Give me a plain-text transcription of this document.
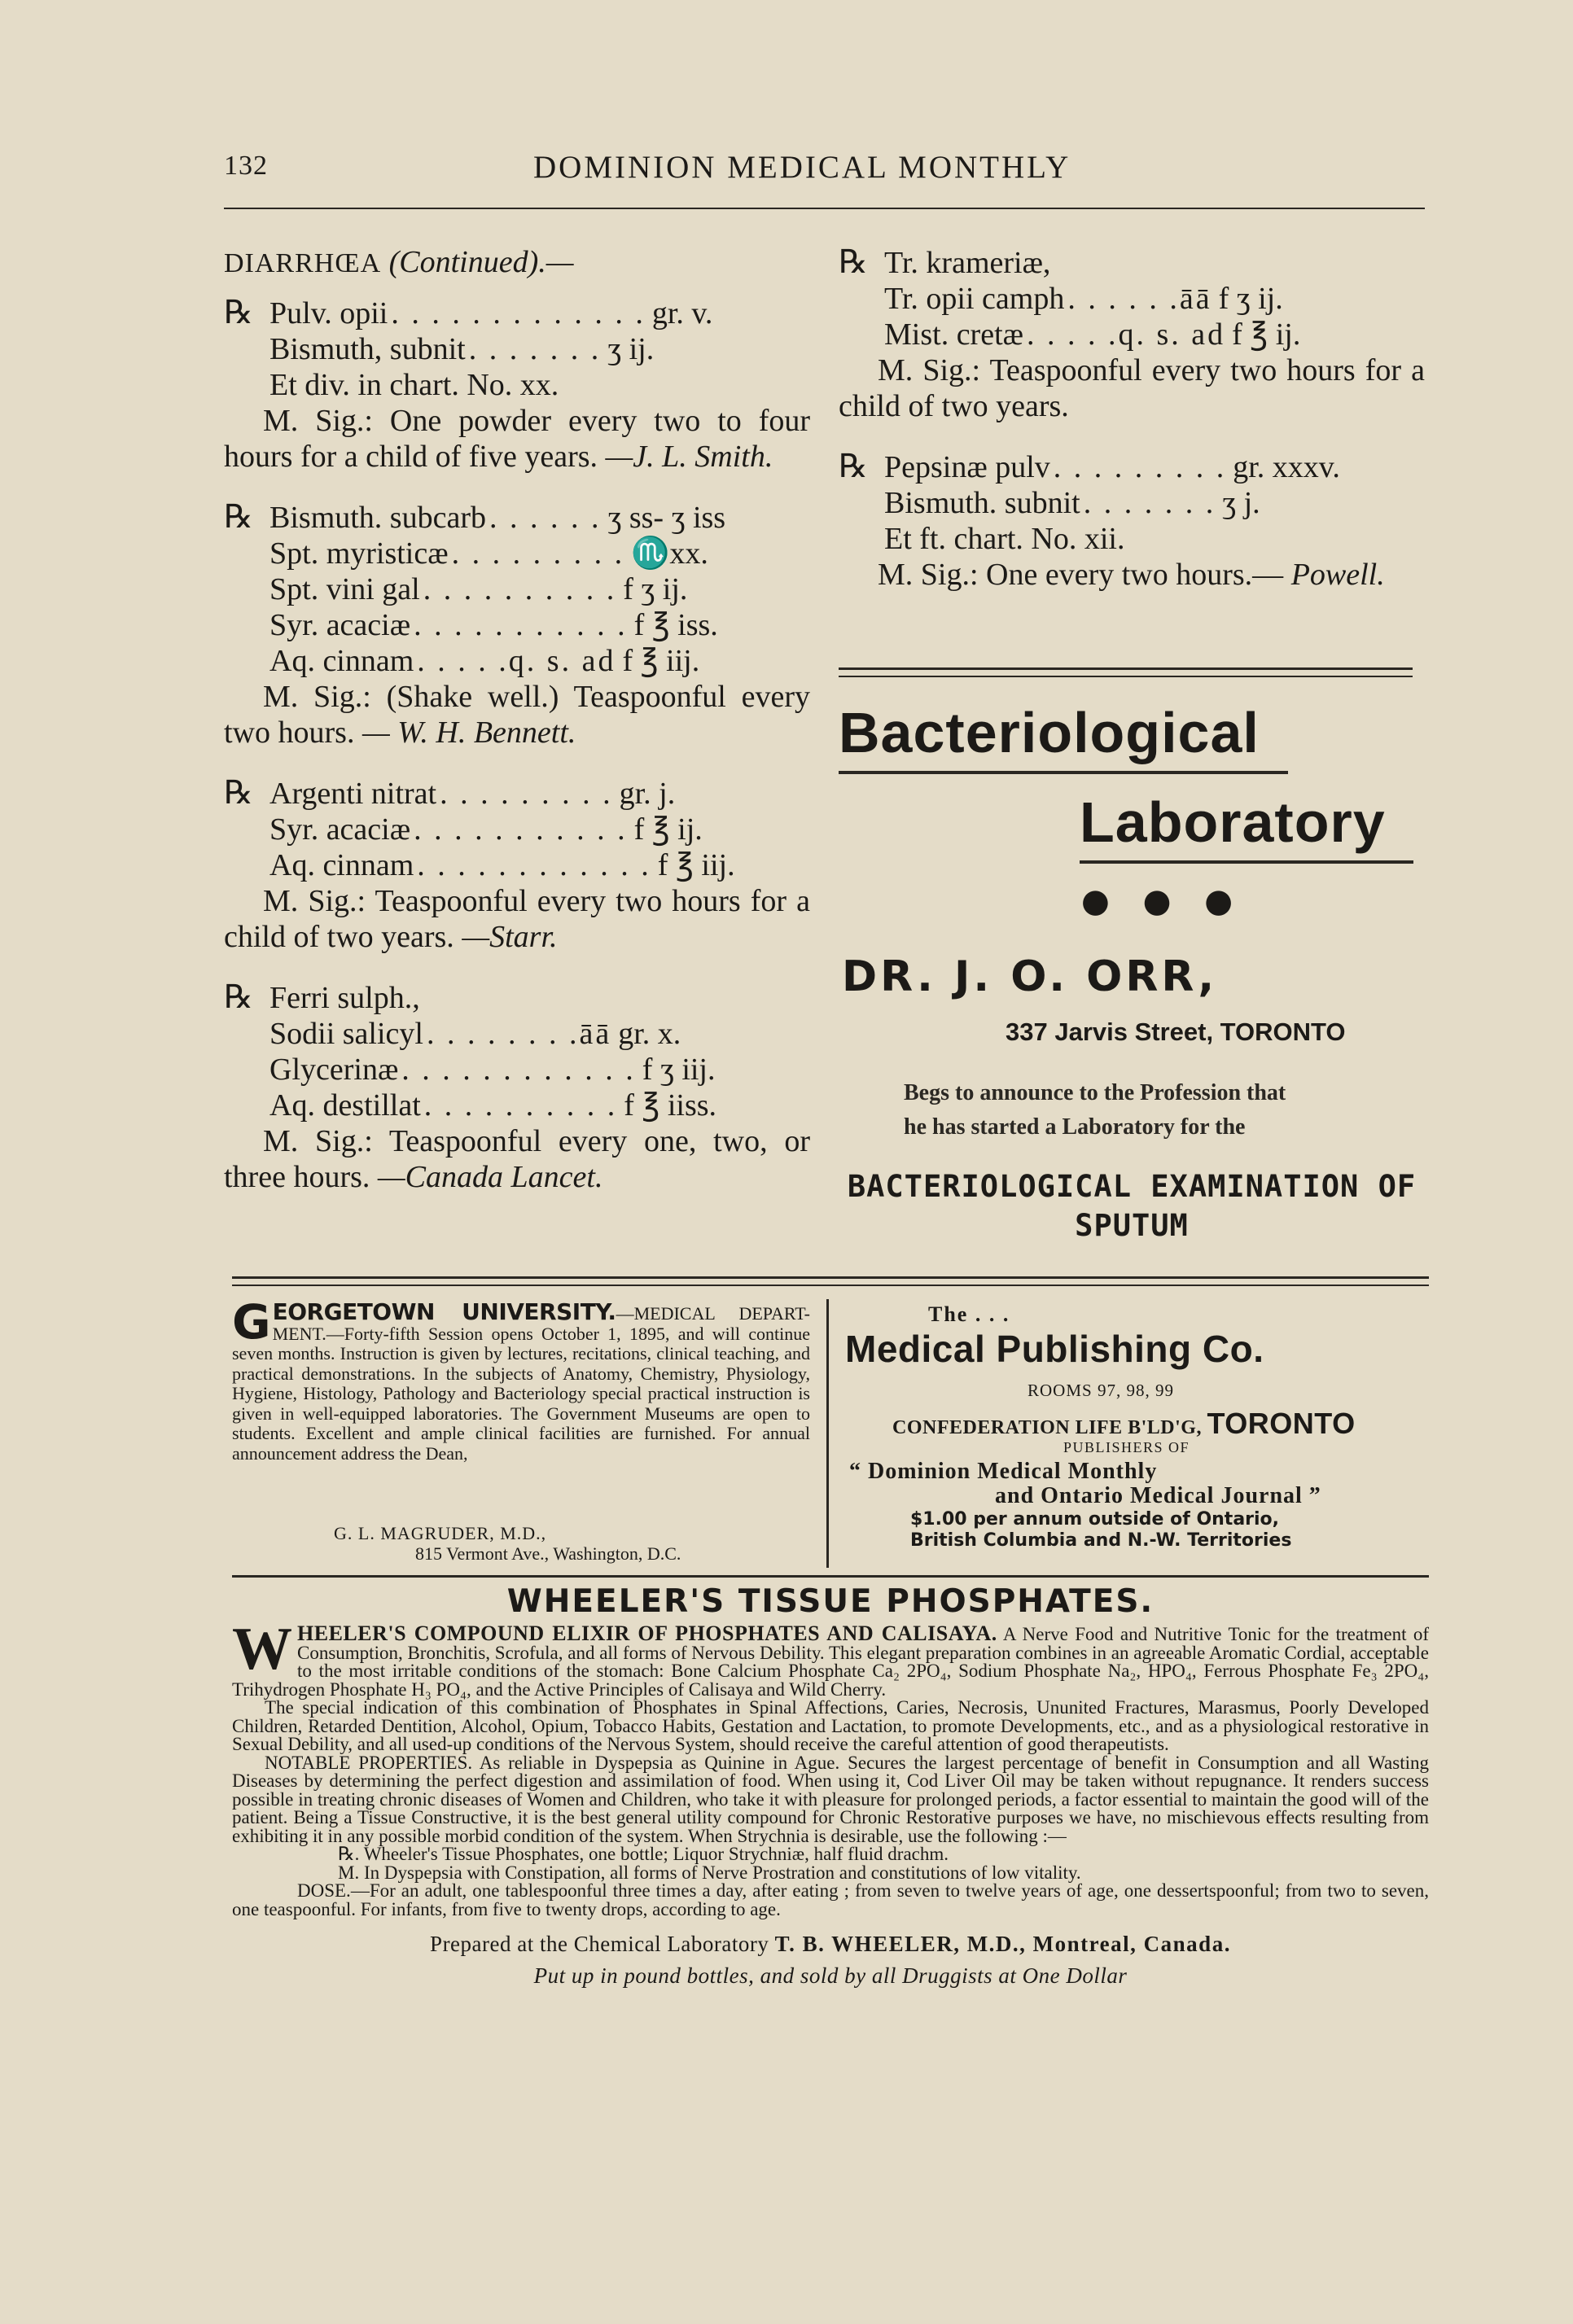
132	DOMINION MEDICAL MONTHLY
DIARRHŒA (Continued).—
℞ Pulv. opii . . . . . . . . . . . . . gr. v.
Bismuth, subnit . . . . . . . ʒ ij.
Et div. in chart. No. xx.
M. Sig.: One powder every two to four hours for a child of five years. —J. L. Smith.
℞ Bismuth. subcarb . . . . . . ʒ ss- ʒ iss
Spt. myristicæ . . . . . . . . . ♏xx.
Spt. vini gal . . . . . . . . . . f ʒ ij.
Syr. acaciæ . . . . . . . . . . . f ℥ iss.
Aq. cinnam . . . . .q. s. ad f ℥ iij.
M. Sig.: (Shake well.) Teaspoonful every two hours. — W. H. Bennett.
℞ Argenti nitrat . . . . . . . . . gr. j.
Syr. acaciæ . . . . . . . . . . . f ℥ ij.
Aq. cinnam . . . . . . . . . . . . f ℥ iij.
M. Sig.: Teaspoonful every two hours for a child of two years. —Starr.
℞ Ferri sulph.,
Sodii salicyl . . . . . . . .āā gr. x.
Glycerinæ . . . . . . . . . . . . f ʒ iij.
Aq. destillat . . . . . . . . . . f ℥ iiss.
M. Sig.: Teaspoonful every one, two, or three hours. —Canada Lancet.
℞ Tr. krameriæ,
Tr. opii camph . . . . . .āā f ʒ ij.
Mist. cretæ . . . . .q. s. ad f ℥ ij.
M. Sig.: Teaspoonful every two hours for a child of two years.
℞ Pepsinæ pulv . . . . . . . . . gr. xxxv.
Bismuth. subnit . . . . . . . ʒ j.
Et ft. chart. No. xii.
M. Sig.: One every two hours.— Powell.
Bacteriological
Laboratory
● ● ●
DR. J. O. ORR,
337 Jarvis Street, TORONTO
Begs to announce to the Profession that
he has started a Laboratory for the
BACTERIOLOGICAL EXAMINATION OF
SPUTUM
G EORGETOWN UNIVERSITY.—MEDICAL DEPART- MENT.—Forty-fifth Session opens October 1, 1895, and will continue seven months. Instruction is given by lectures, recitations, clinical teaching, and practical demonstrations. In the subjects of Anatomy, Chemistry, Physiology, Hygiene, Histology, Pathology and Bacteriology special practical instruction is given in well-equipped laboratories. The Government Museums are open to students. Excellent and ample clinical facilities are furnished. For annual announcement address the Dean,
G. L. MAGRUDER, M.D.,
815 Vermont Ave., Washington, D.C.
The . . .
Medical Publishing Co.
ROOMS 97, 98, 99
CONFEDERATION LIFE B'LD'G, TORONTO
PUBLISHERS OF
“ Dominion Medical Monthly
and Ontario Medical Journal ”
$1.00 per annum outside of Ontario,
British Columbia and N.-W. Territories
WHEELER'S TISSUE PHOSPHATES.

W HEELER'S COMPOUND ELIXIR OF PHOSPHATES AND CALISAYA. A Nerve Food and Nutritive Tonic for the treatment of Consumption, Bronchitis, Scrofula, and all forms of Nervous Debility. This elegant preparation combines in an agreeable Aromatic Cordial, acceptable to the most irritable conditions of the stomach: Bone Calcium Phosphate Ca₂ 2PO₄, Sodium Phosphate Na₂, HPO₄, Ferrous Phosphate Fe₃ 2PO₄, Trihydrogen Phosphate H₃ PO₄, and the Active Principles of Calisaya and Wild Cherry.

The special indication of this combination of Phosphates in Spinal Affections, Caries, Necrosis, Ununited Fractures, Marasmus, Poorly Developed Children, Retarded Dentition, Alcohol, Opium, Tobacco Habits, Gestation and Lactation, to promote Developments, etc., and as a physiological restorative in Sexual Debility, and all used-up conditions of the Nervous System, should receive the careful attention of good therapeutists.

NOTABLE PROPERTIES. As reliable in Dyspepsia as Quinine in Ague. Secures the largest percentage of benefit in Consumption and all Wasting Diseases by determining the perfect digestion and assimilation of food. When using it, Cod Liver Oil may be taken without repugnance. It renders success possible in treating chronic diseases of Women and Children, who take it with pleasure for prolonged periods, a factor essential to maintain the good will of the patient. Being a Tissue Constructive, it is the best general utility compound for Chronic Restorative purposes we have, no mischievous effects resulting from exhibiting it in any possible morbid condition of the system. When Strychnia is desirable, use the following :—

℞. Wheeler's Tissue Phosphates, one bottle; Liquor Strychniæ, half fluid drachm.

M. In Dyspepsia with Constipation, all forms of Nerve Prostration and constitutions of low vitality.

DOSE.—For an adult, one tablespoonful three times a day, after eating ; from seven to twelve years of age, one dessertspoonful; from two to seven, one teaspoonful. For infants, from five to twenty drops, according to age.

Prepared at the Chemical Laboratory T. B. WHEELER, M.D., Montreal, Canada.
Put up in pound bottles, and sold by all Druggists at One Dollar
